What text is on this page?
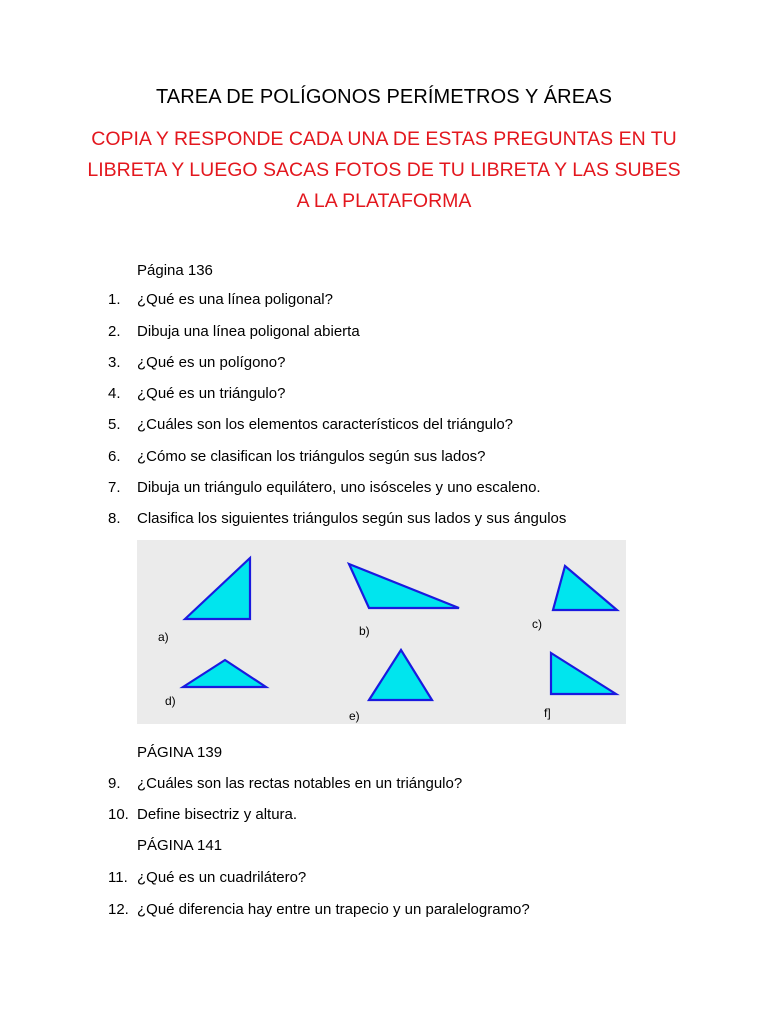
TAREA DE POLÍGONOS PERÍMETROS Y ÁREAS
COPIA Y RESPONDE CADA UNA DE ESTAS PREGUNTAS EN TU LIBRETA Y LUEGO SACAS FOTOS DE TU LIBRETA Y LAS SUBES A LA PLATAFORMA
Página 136
1. ¿Qué es una línea poligonal?
2. Dibuja una línea poligonal abierta
3. ¿Qué es un polígono?
4. ¿Qué es un triángulo?
5. ¿Cuáles son los elementos característicos del triángulo?
6. ¿Cómo se clasifican los triángulos según sus lados?
7. Dibuja un triángulo equilátero, uno isósceles y uno escaleno.
8. Clasifica los siguientes triángulos según sus lados y sus ángulos
a)	b)	c)
d)
e)	f]
PÁGINA 139
9. ¿Cuáles son las rectas notables en un triángulo?
10. Define bisectriz y altura.
PÁGINA 141
11. ¿Qué es un cuadrilátero?
12. ¿Qué diferencia hay entre un trapecio y un paralelogramo?
